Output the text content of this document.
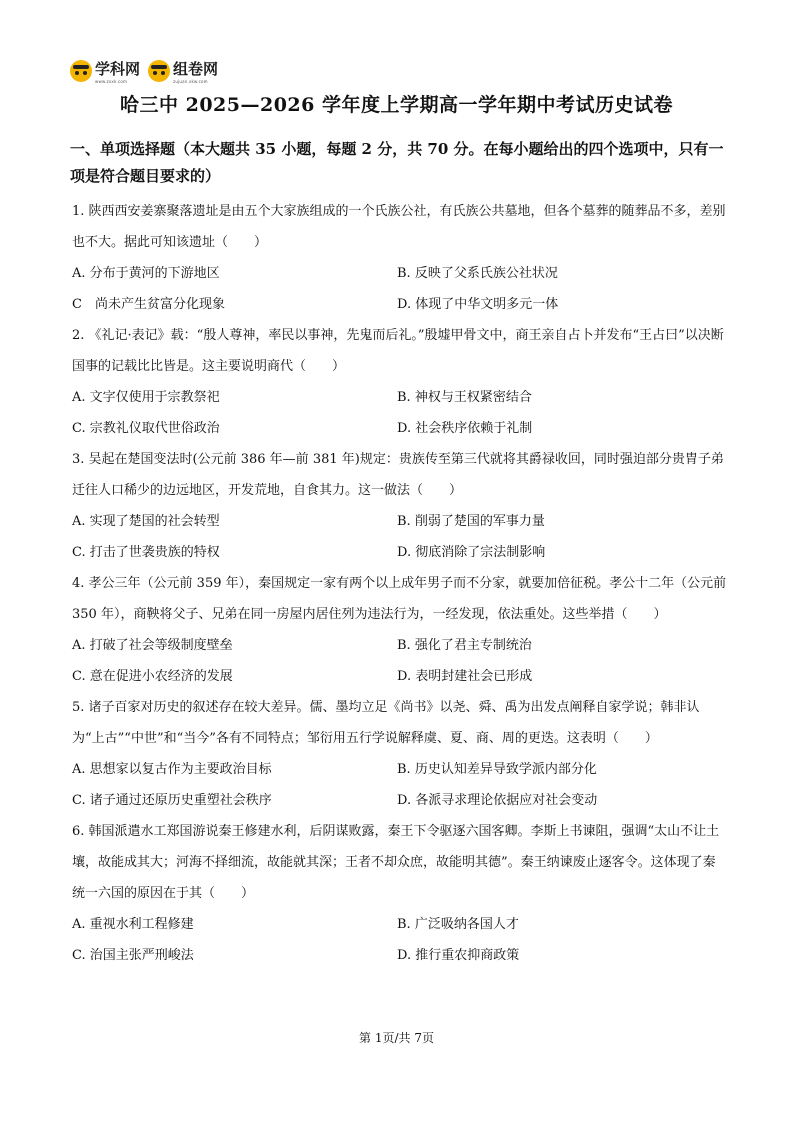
学科网
www.zxxk.com
组卷网
zujuan.xkw.com
哈三中 2025—2026 学年度上学期高一学年期中考试历史试卷

一、单项选择题（本大题共 35 小题，每题 2 分，共 70 分。在每小题给出的四个选项中，只有一项是符合题目要求的）

1. 陕西西安姜寨聚落遗址是由五个大家族组成的一个氏族公社，有氏族公共墓地，但各个墓葬的随葬品不多，差别也不大。据此可知该遗址（　　）

A. 分布于黄河的下游地区	B. 反映了父系氏族公社状况
C　尚未产生贫富分化现象	D. 体现了中华文明多元一体

2. 《礼记·表记》载：“殷人尊神，率民以事神，先鬼而后礼。”殷墟甲骨文中，商王亲自占卜并发布“王占曰”以决断国事的记载比比皆是。这主要说明商代（　　）

A. 文字仅使用于宗教祭祀	B. 神权与王权紧密结合
C. 宗教礼仪取代世俗政治	D. 社会秩序依赖于礼制

3. 吴起在楚国变法时(公元前 386 年—前 381 年)规定：贵族传至第三代就将其爵禄收回，同时强迫部分贵胄子弟迁往人口稀少的边远地区，开发荒地，自食其力。这一做法（　　）

A. 实现了楚国的社会转型	B. 削弱了楚国的军事力量
C. 打击了世袭贵族的特权	D. 彻底消除了宗法制影响

4. 孝公三年（公元前 359 年），秦国规定一家有两个以上成年男子而不分家，就要加倍征税。孝公十二年（公元前 350 年），商鞅将父子、兄弟在同一房屋内居住列为违法行为，一经发现，依法重处。这些举措（　　）

A. 打破了社会等级制度壁垒	B. 强化了君主专制统治
C. 意在促进小农经济的发展	D. 表明封建社会已形成

5. 诸子百家对历史的叙述存在较大差异。儒、墨均立足《尚书》以尧、舜、禹为出发点阐释自家学说；韩非认为“上古”“中世”和“当今”各有不同特点；邹衍用五行学说解释虞、夏、商、周的更迭。这表明（　　）

A. 思想家以复古作为主要政治目标	B. 历史认知差异导致学派内部分化
C. 诸子通过还原历史重塑社会秩序	D. 各派寻求理论依据应对社会变动

6. 韩国派遣水工郑国游说秦王修建水利，后阴谋败露，秦王下令驱逐六国客卿。李斯上书谏阻，强调“太山不让土壤，故能成其大；河海不择细流，故能就其深；王者不却众庶，故能明其德”。秦王纳谏废止逐客令。这体现了秦统一六国的原因在于其（　　）

A. 重视水利工程修建	B. 广泛吸纳各国人才
C. 治国主张严刑峻法	D. 推行重农抑商政策
第 1页/共 7页
